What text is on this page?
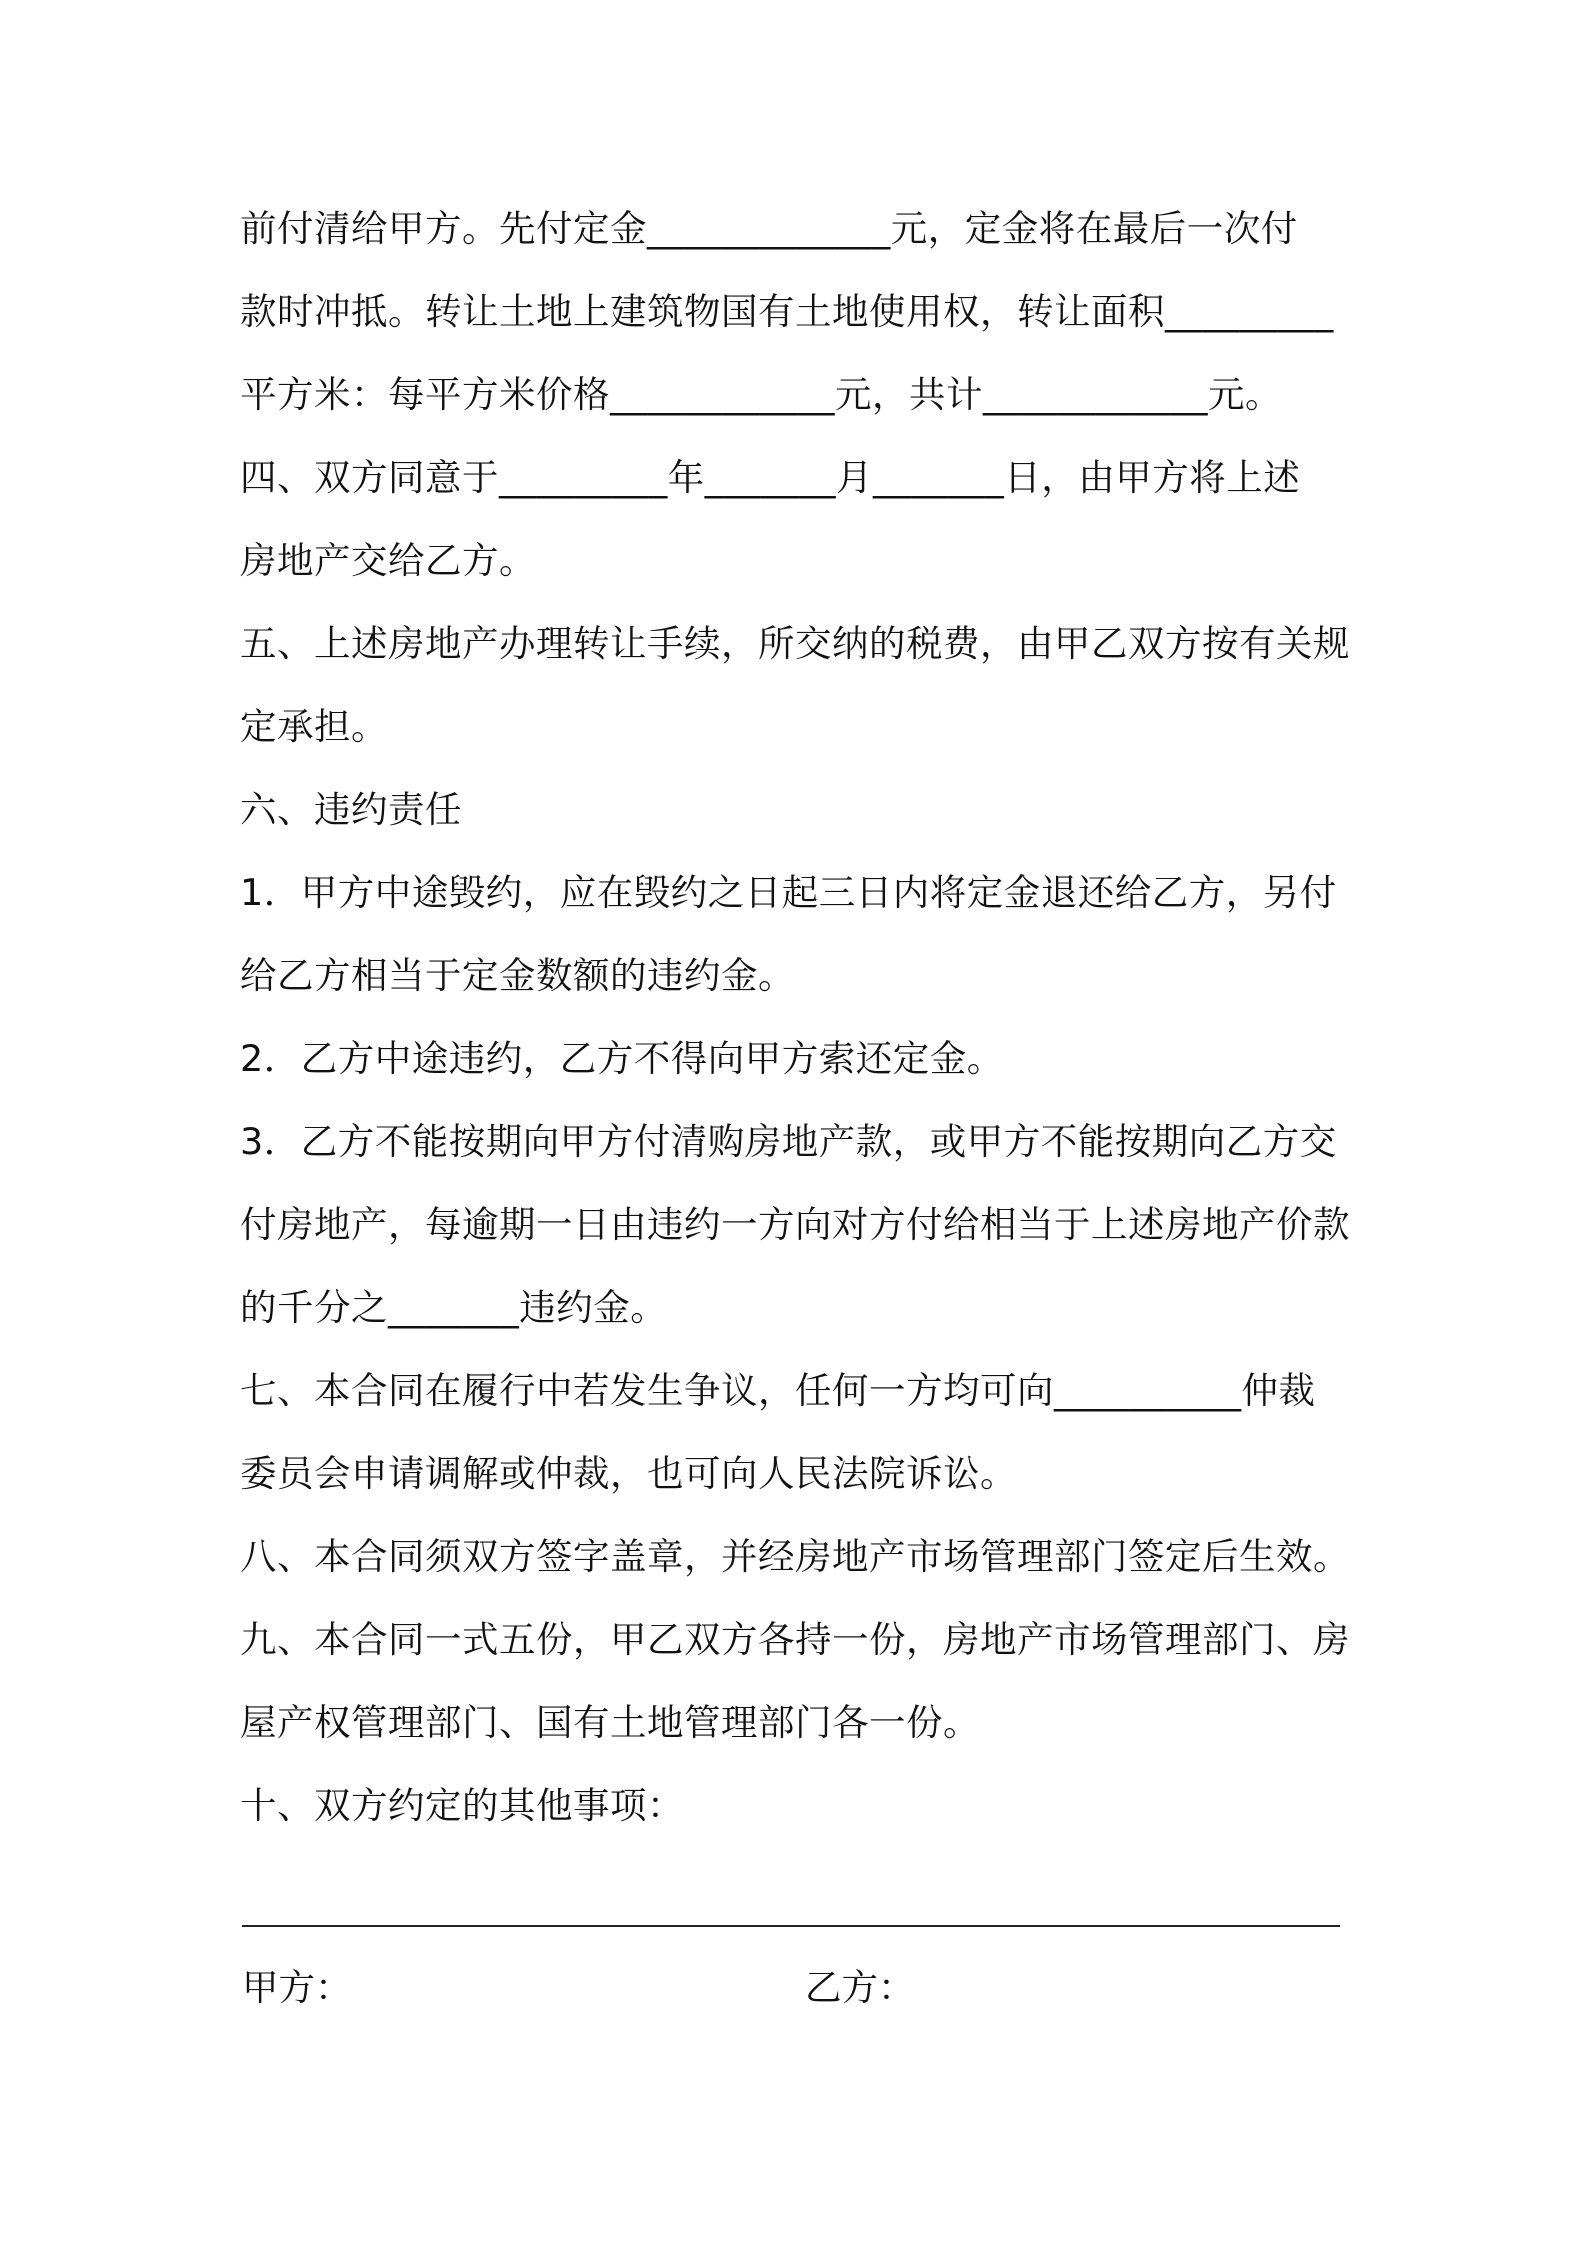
前付清给甲方。先付定金_____________元，定金将在最后一次付
款时冲抵。转让土地上建筑物国有土地使用权，转让面积_________
平方米：每平方米价格____________元，共计____________元。
四、双方同意于_________年_______月_______日，由甲方将上述
房地产交给乙方。
五、上述房地产办理转让手续，所交纳的税费，由甲乙双方按有关规
定承担。
六、违约责任
1．甲方中途毁约，应在毁约之日起三日内将定金退还给乙方，另付
给乙方相当于定金数额的违约金。
2．乙方中途违约，乙方不得向甲方索还定金。
3．乙方不能按期向甲方付清购房地产款，或甲方不能按期向乙方交
付房地产，每逾期一日由违约一方向对方付给相当于上述房地产价款
的千分之_______违约金。
七、本合同在履行中若发生争议，任何一方均可向__________仲裁
委员会申请调解或仲裁，也可向人民法院诉讼。
八、本合同须双方签字盖章，并经房地产市场管理部门签定后生效。
九、本合同一式五份，甲乙双方各持一份，房地产市场管理部门、房
屋产权管理部门、国有土地管理部门各一份。
十、双方约定的其他事项：
甲方：	乙方：
